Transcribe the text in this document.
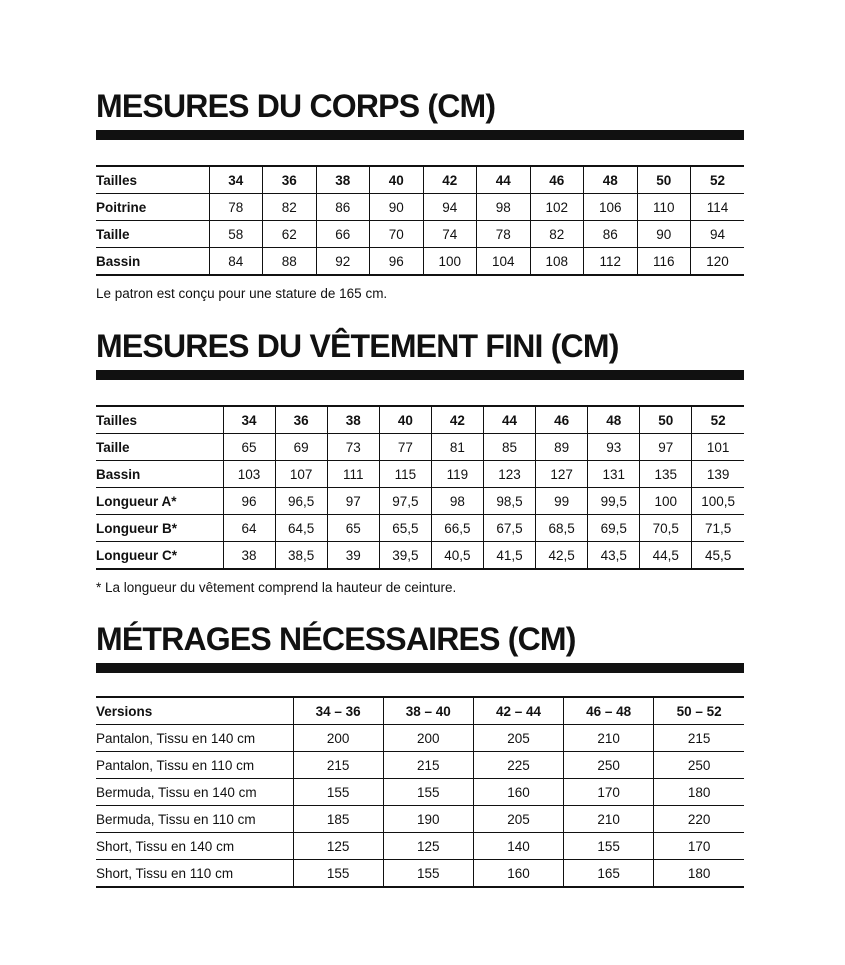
MESURES DU CORPS (CM)
Tailles	34	36	38	40	42	44	46	48	50	52
Poitrine	78	82	86	90	94	98	102	106	110	114
Taille	58	62	66	70	74	78	82	86	90	94
Bassin	84	88	92	96	100	104	108	112	116	120
Le patron est conçu pour une stature de 165 cm.
MESURES DU VÊTEMENT FINI (CM)
Tailles	34	36	38	40	42	44	46	48	50	52
Taille	65	69	73	77	81	85	89	93	97	101
Bassin	103	107	111	115	119	123	127	131	135	139
Longueur A*	96	96,5	97	97,5	98	98,5	99	99,5	100	100,5
Longueur B*	64	64,5	65	65,5	66,5	67,5	68,5	69,5	70,5	71,5
Longueur C*	38	38,5	39	39,5	40,5	41,5	42,5	43,5	44,5	45,5
* La longueur du vêtement comprend la hauteur de ceinture.
MÉTRAGES NÉCESSAIRES (CM)
Versions	34 – 36	38 – 40	42 – 44	46 – 48	50 – 52
Pantalon, Tissu en 140 cm	200	200	205	210	215
Pantalon, Tissu en 110 cm	215	215	225	250	250
Bermuda, Tissu en 140 cm	155	155	160	170	180
Bermuda, Tissu en 110 cm	185	190	205	210	220
Short, Tissu en 140 cm	125	125	140	155	170
Short, Tissu en 110 cm	155	155	160	165	180
